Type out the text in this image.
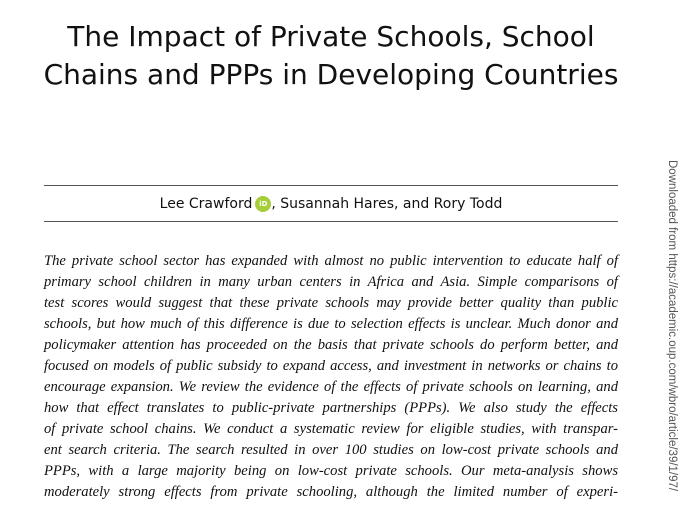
The Impact of Private Schools, School
Chains and PPPs in Developing Countries
Lee Crawford iD , Susannah Hares, and Rory Todd
The private school sector has expanded with almost no public intervention to educate half of
primary school children in many urban centers in Africa and Asia. Simple comparisons of
test scores would suggest that these private schools may provide better quality than public
schools, but how much of this difference is due to selection effects is unclear. Much donor and
policymaker attention has proceeded on the basis that private schools do perform better, and
focused on models of public subsidy to expand access, and investment in networks or chains to
encourage expansion. We review the evidence of the effects of private schools on learning, and
how that effect translates to public-private partnerships (PPPs). We also study the effects
of private school chains. We conduct a systematic review for eligible studies, with transpar-
ent search criteria. The search resulted in over 100 studies on low-cost private schools and
PPPs, with a large majority being on low-cost private schools. Our meta-analysis shows
moderately strong effects from private schooling, although the limited number of experi-
Downloaded from https://academic.oup.com/wbro/article/39/1/97/
